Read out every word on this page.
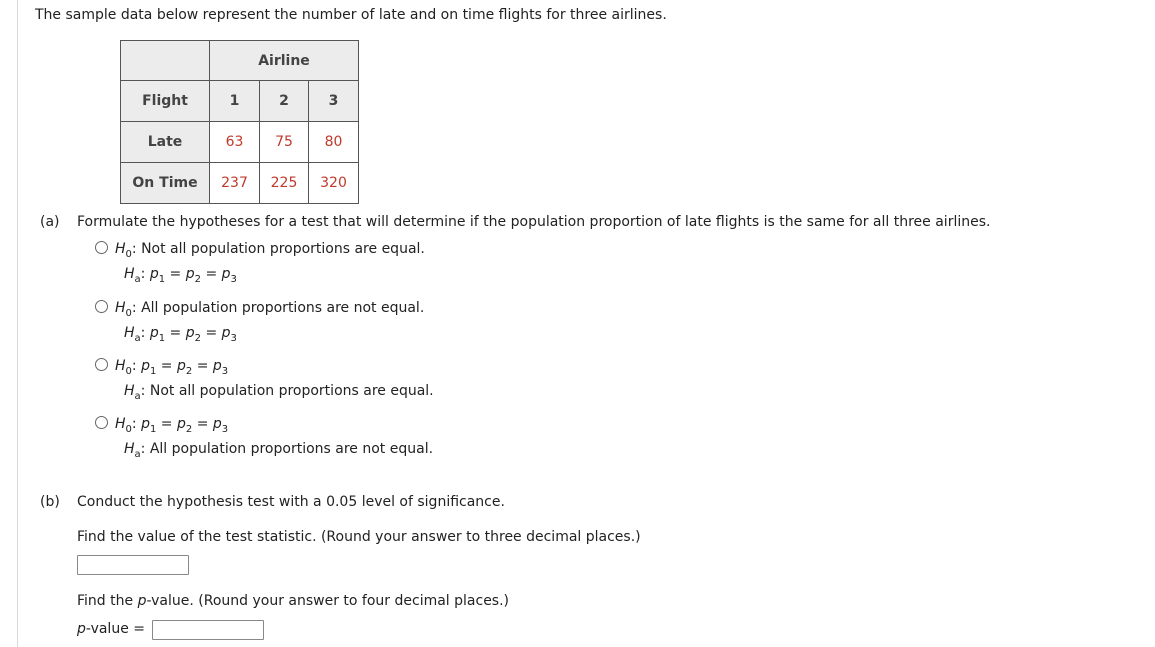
The sample data below represent the number of late and on time flights for three airlines.
	Airline		
Flight	1	2	3
Late	63	75	80
On Time	237	225	320
(a) Formulate the hypotheses for a test that will determine if the population proportion of late flights is the same for all three airlines.
$H_0$: Not all population proportions are equal.
$H_a$: $p_1 = p_2 = p_3$
$H_0$: All population proportions are not equal.
$H_a$: $p_1 = p_2 = p_3$
$H_0$: $p_1 = p_2 = p_3$
$H_a$: Not all population proportions are equal.
$H_0$: $p_1 = p_2 = p_3$
$H_a$: All population proportions are not equal.
(b) Conduct the hypothesis test with a 0.05 level of significance.
Find the value of the test statistic. (Round your answer to three decimal places.)
Find the p-value. (Round your answer to four decimal places.)
p-value =
